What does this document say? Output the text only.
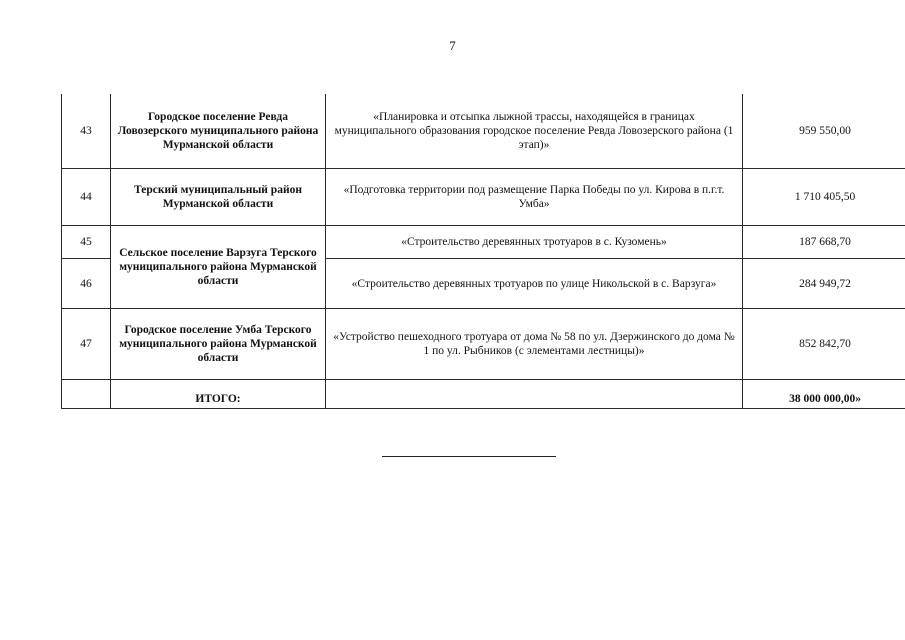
7
43	Городское поселение Ревда Ловозерского муниципального района Мурманской области	«Планировка и отсыпка лыжной трассы, находящейся в границах муниципального образования городское поселение Ревда Ловозерского района (1 этап)»	959 550,00
44	Терский муниципальный район Мурманской области	«Подготовка территории под размещение Парка Победы по ул. Кирова в п.г.т. Умба»	1 710 405,50
45	Сельское поселение Варзуга Терского муниципального района Мурманской области	«Строительство деревянных тротуаров в с. Кузомень»	187 668,70
46		«Строительство деревянных тротуаров по улице Никольской в с. Варзуга»	284 949,72
47	Городское поселение Умба Терского муниципального района Мурманской области	«Устройство пешеходного тротуара от дома № 58 по ул. Дзержинского до дома № 1 по ул. Рыбников (с элементами лестницы)»	852 842,70
	ИТОГО:		38 000 000,00»
